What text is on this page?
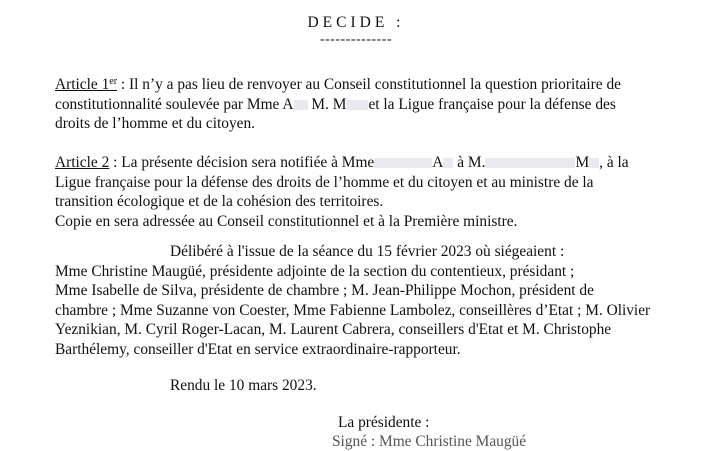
DECIDE :
--------------
Article 1er : Il n’y a pas lieu de renvoyer au Conseil constitutionnel la question prioritaire de
constitutionnalité soulevée par Mme A M. M et la Ligue française pour la défense des
droits de l’homme et du citoyen.
Article 2 : La présente décision sera notifiée à Mme	A à M.	M , à la
Ligue française pour la défense des droits de l’homme et du citoyen et au ministre de la
transition écologique et de la cohésion des territoires.
Copie en sera adressée au Conseil constitutionnel et à la Première ministre.
Délibéré à l'issue de la séance du 15 février 2023 où siégeaient :
Mme Christine Maugüé, présidente adjointe de la section du contentieux, présidant ;
Mme Isabelle de Silva, présidente de chambre ; M. Jean-Philippe Mochon, président de
chambre ; Mme Suzanne von Coester, Mme Fabienne Lambolez, conseillères d’Etat ; M. Olivier
Yeznikian, M. Cyril Roger-Lacan, M. Laurent Cabrera, conseillers d'Etat et M. Christophe
Barthélemy, conseiller d'Etat en service extraordinaire-rapporteur.
Rendu le 10 mars 2023.
La présidente :
Signé : Mme Christine Maugüé
